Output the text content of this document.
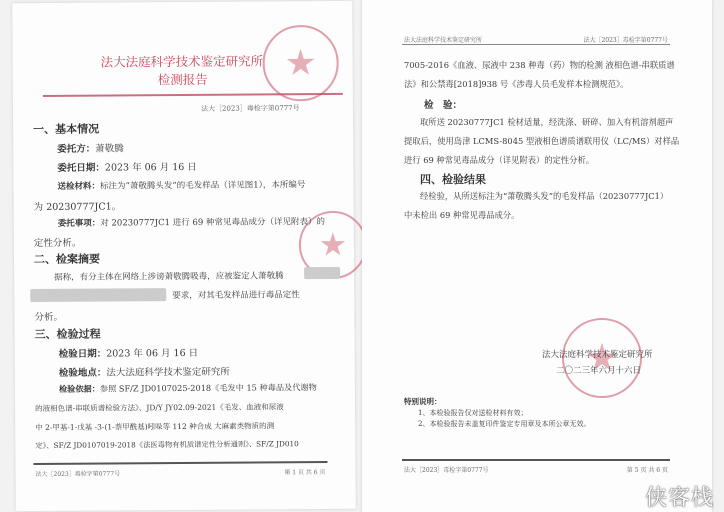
法大法庭科学技术鉴定研究所
检测报告
法大［2023］毒检字第0777号
一、基本情况
委托方：萧敬腾
委托日期：2023 年 06 月 16 日
送检材料：标注为“萧敬腾头发”的毛发样品（详见图1），本所编号
为 20230777JC1。
委托事项：对 20230777JC1 进行 69 种常见毒品成分（详见附表）的
定性分析。
二、检案摘要
据称，有分主体在网络上涉谤萧敬腾吸毒，应被鉴定人萧敬腾
要求，对其毛发样品进行毒品定性
分析。
三、检验过程
检验日期：2023 年 06 月 16 日
检验地点：法大法庭科学技术鉴定研究所
检验依据：参照 SF/Z JD0107025-2018《毛发中 15 种毒品及代谢物
的液相色谱-串联质谱检验方法》、JD/Y JY02.09-2021《毛发、血液和尿液
中 2-甲基-1-戊基 -3-(1-萘甲酰基)吲哚等 112 种合成 大麻素类物质的测
定》、SF/Z JD0107019-2018《法医毒物有机质谱定性分析通则》、SF/Z JD010
法大［2023］毒检字第0777号	第 1 页 共 6 页
法大法庭科学技术鉴定研究所	法大［2023］毒检字第0777号
7005-2016《血液、尿液中 238 种毒（药）物的检测 液相色谱-串联质谱
法》和公禁毒[2018]938 号《涉毒人员毛发样本检测规范》。
检　验：
取所送 20230777JC1 检材适量，经洗涤、研碎、加入有机溶剂超声
提取后，使用岛津 LCMS-8045 型液相色谱质谱联用仪（LC/MS）对样品
进行 69 种常见毒品成分（详见附表）的定性分析。
四、检验结果
经检验，从所送标注为“萧敬腾头发”的毛发样品（20230777JC1）
中未检出 69 种常见毒品成分。
法大法庭科学技术鉴定研究所
二〇二三年六月十六日
特别说明：
1、本检验报告仅对送检材料有效；
2、本检验报告未盖复印件鉴定专用章及本所公章无效。
法大［2023］毒检字第0777号	第 5 页 共 6 页
侠客栈
